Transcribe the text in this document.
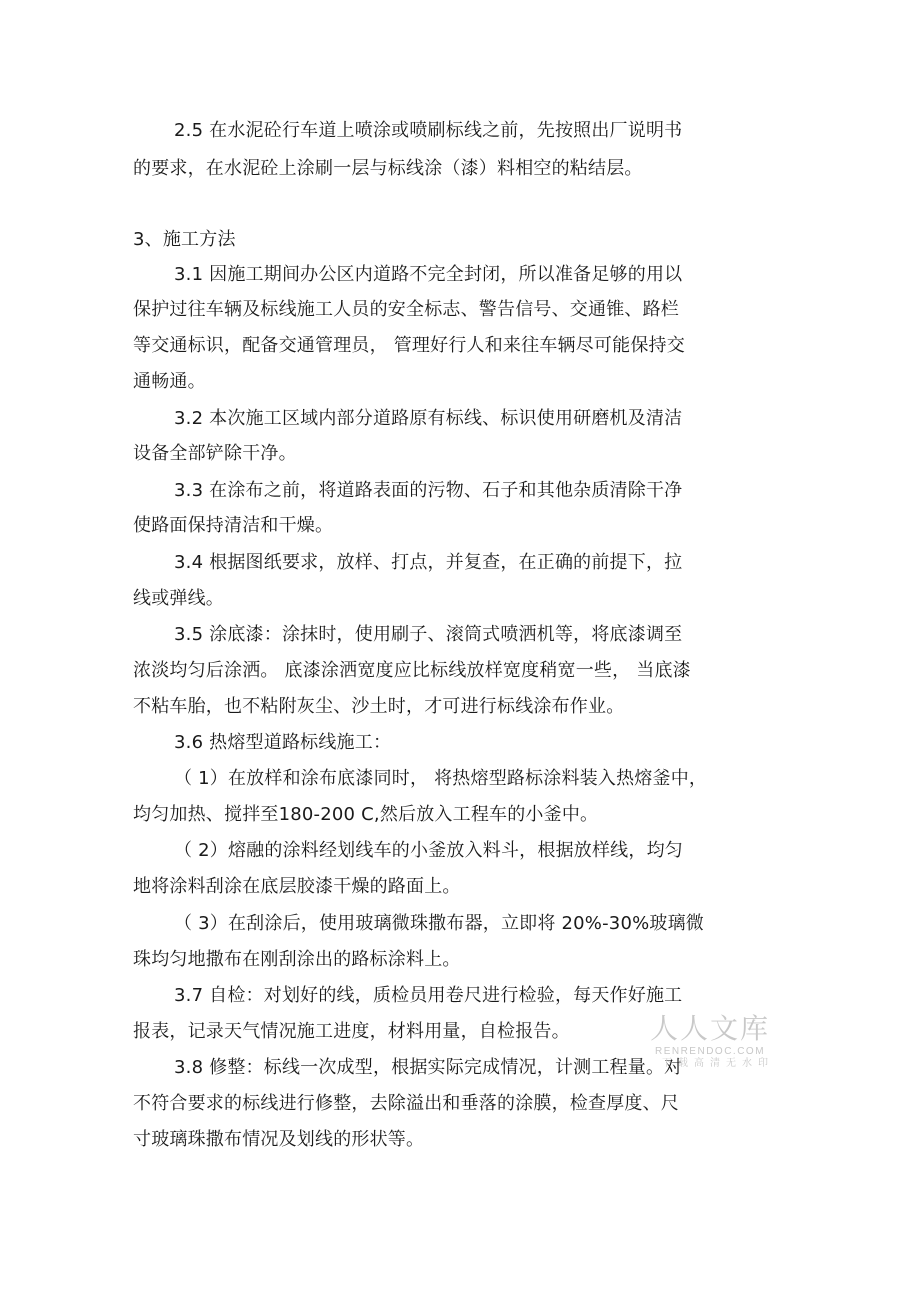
2.5 在水泥砼行车道上喷涂或喷刷标线之前，先按照出厂说明书
的要求，在水泥砼上涂刷一层与标线涂（漆）料相空的粘结层。
3、施工方法
3.1 因施工期间办公区内道路不完全封闭，所以准备足够的用以
保护过往车辆及标线施工人员的安全标志、警告信号、交通锥、路栏
等交通标识，配备交通管理员， 管理好行人和来往车辆尽可能保持交
通畅通。
3.2 本次施工区域内部分道路原有标线、标识使用研磨机及清洁
设备全部铲除干净。
3.3 在涂布之前，将道路表面的污物、石子和其他杂质清除干净
使路面保持清洁和干燥。
3.4 根据图纸要求，放样、打点，并复查，在正确的前提下，拉
线或弹线。
3.5 涂底漆：涂抹时，使用刷子、滚筒式喷洒机等，将底漆调至
浓淡均匀后涂洒。 底漆涂洒宽度应比标线放样宽度稍宽一些， 当底漆
不粘车胎，也不粘附灰尘、沙土时，才可进行标线涂布作业。
3.6 热熔型道路标线施工：
（ 1）在放样和涂布底漆同时， 将热熔型路标涂料装入热熔釜中，
均匀加热、搅拌至180-200 C,然后放入工程车的小釜中。
（ 2）熔融的涂料经划线车的小釜放入料斗，根据放样线，均匀
地将涂料刮涂在底层胶漆干燥的路面上。
（ 3）在刮涂后，使用玻璃微珠撒布器，立即将 20%-30%玻璃微
珠均匀地撒布在刚刮涂出的路标涂料上。
3.7 自检：对划好的线，质检员用卷尺进行检验，每天作好施工
报表，记录天气情况施工进度，材料用量，自检报告。
3.8 修整：标线一次成型，根据实际完成情况，计测工程量。对
不符合要求的标线进行修整，去除溢出和垂落的涂膜，检查厚度、尺
寸玻璃珠撒布情况及划线的形状等。
人人文库
RENRENDOC.COM
下载高清无水印
